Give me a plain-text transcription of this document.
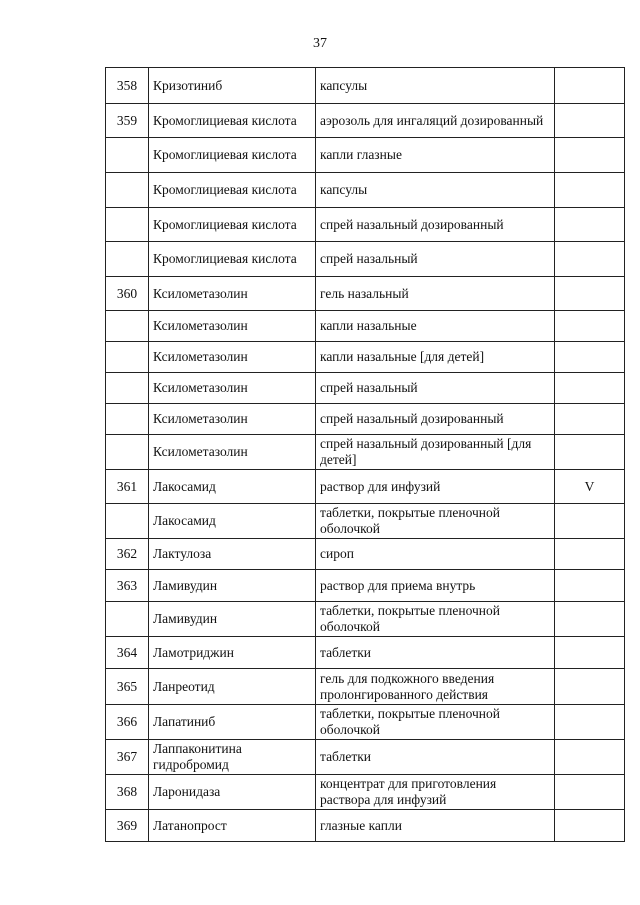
37
358	Кризотиниб	капсулы	
359	Кромоглициевая кислота	аэрозоль для ингаляций дозированный	
	Кромоглициевая кислота	капли глазные	
	Кромоглициевая кислота	капсулы	
	Кромоглициевая кислота	спрей назальный дозированный	
	Кромоглициевая кислота	спрей назальный	
360	Ксилометазолин	гель назальный	
	Ксилометазолин	капли назальные	
	Ксилометазолин	капли назальные [для детей]	
	Ксилометазолин	спрей назальный	
	Ксилометазолин	спрей назальный дозированный	
	Ксилометазолин	спрей назальный дозированный [для детей]	
361	Лакосамид	раствор для инфузий	V
	Лакосамид	таблетки, покрытые пленочной оболочкой	
362	Лактулоза	сироп	
363	Ламивудин	раствор для приема внутрь	
	Ламивудин	таблетки, покрытые пленочной оболочкой	
364	Ламотриджин	таблетки	
365	Ланреотид	гель для подкожного введения пролонгированного действия	
366	Лапатиниб	таблетки, покрытые пленочной оболочкой	
367	Лаппаконитина гидробромид	таблетки	
368	Ларонидаза	концентрат для приготовления раствора для инфузий	
369	Латанопрост	глазные капли	
